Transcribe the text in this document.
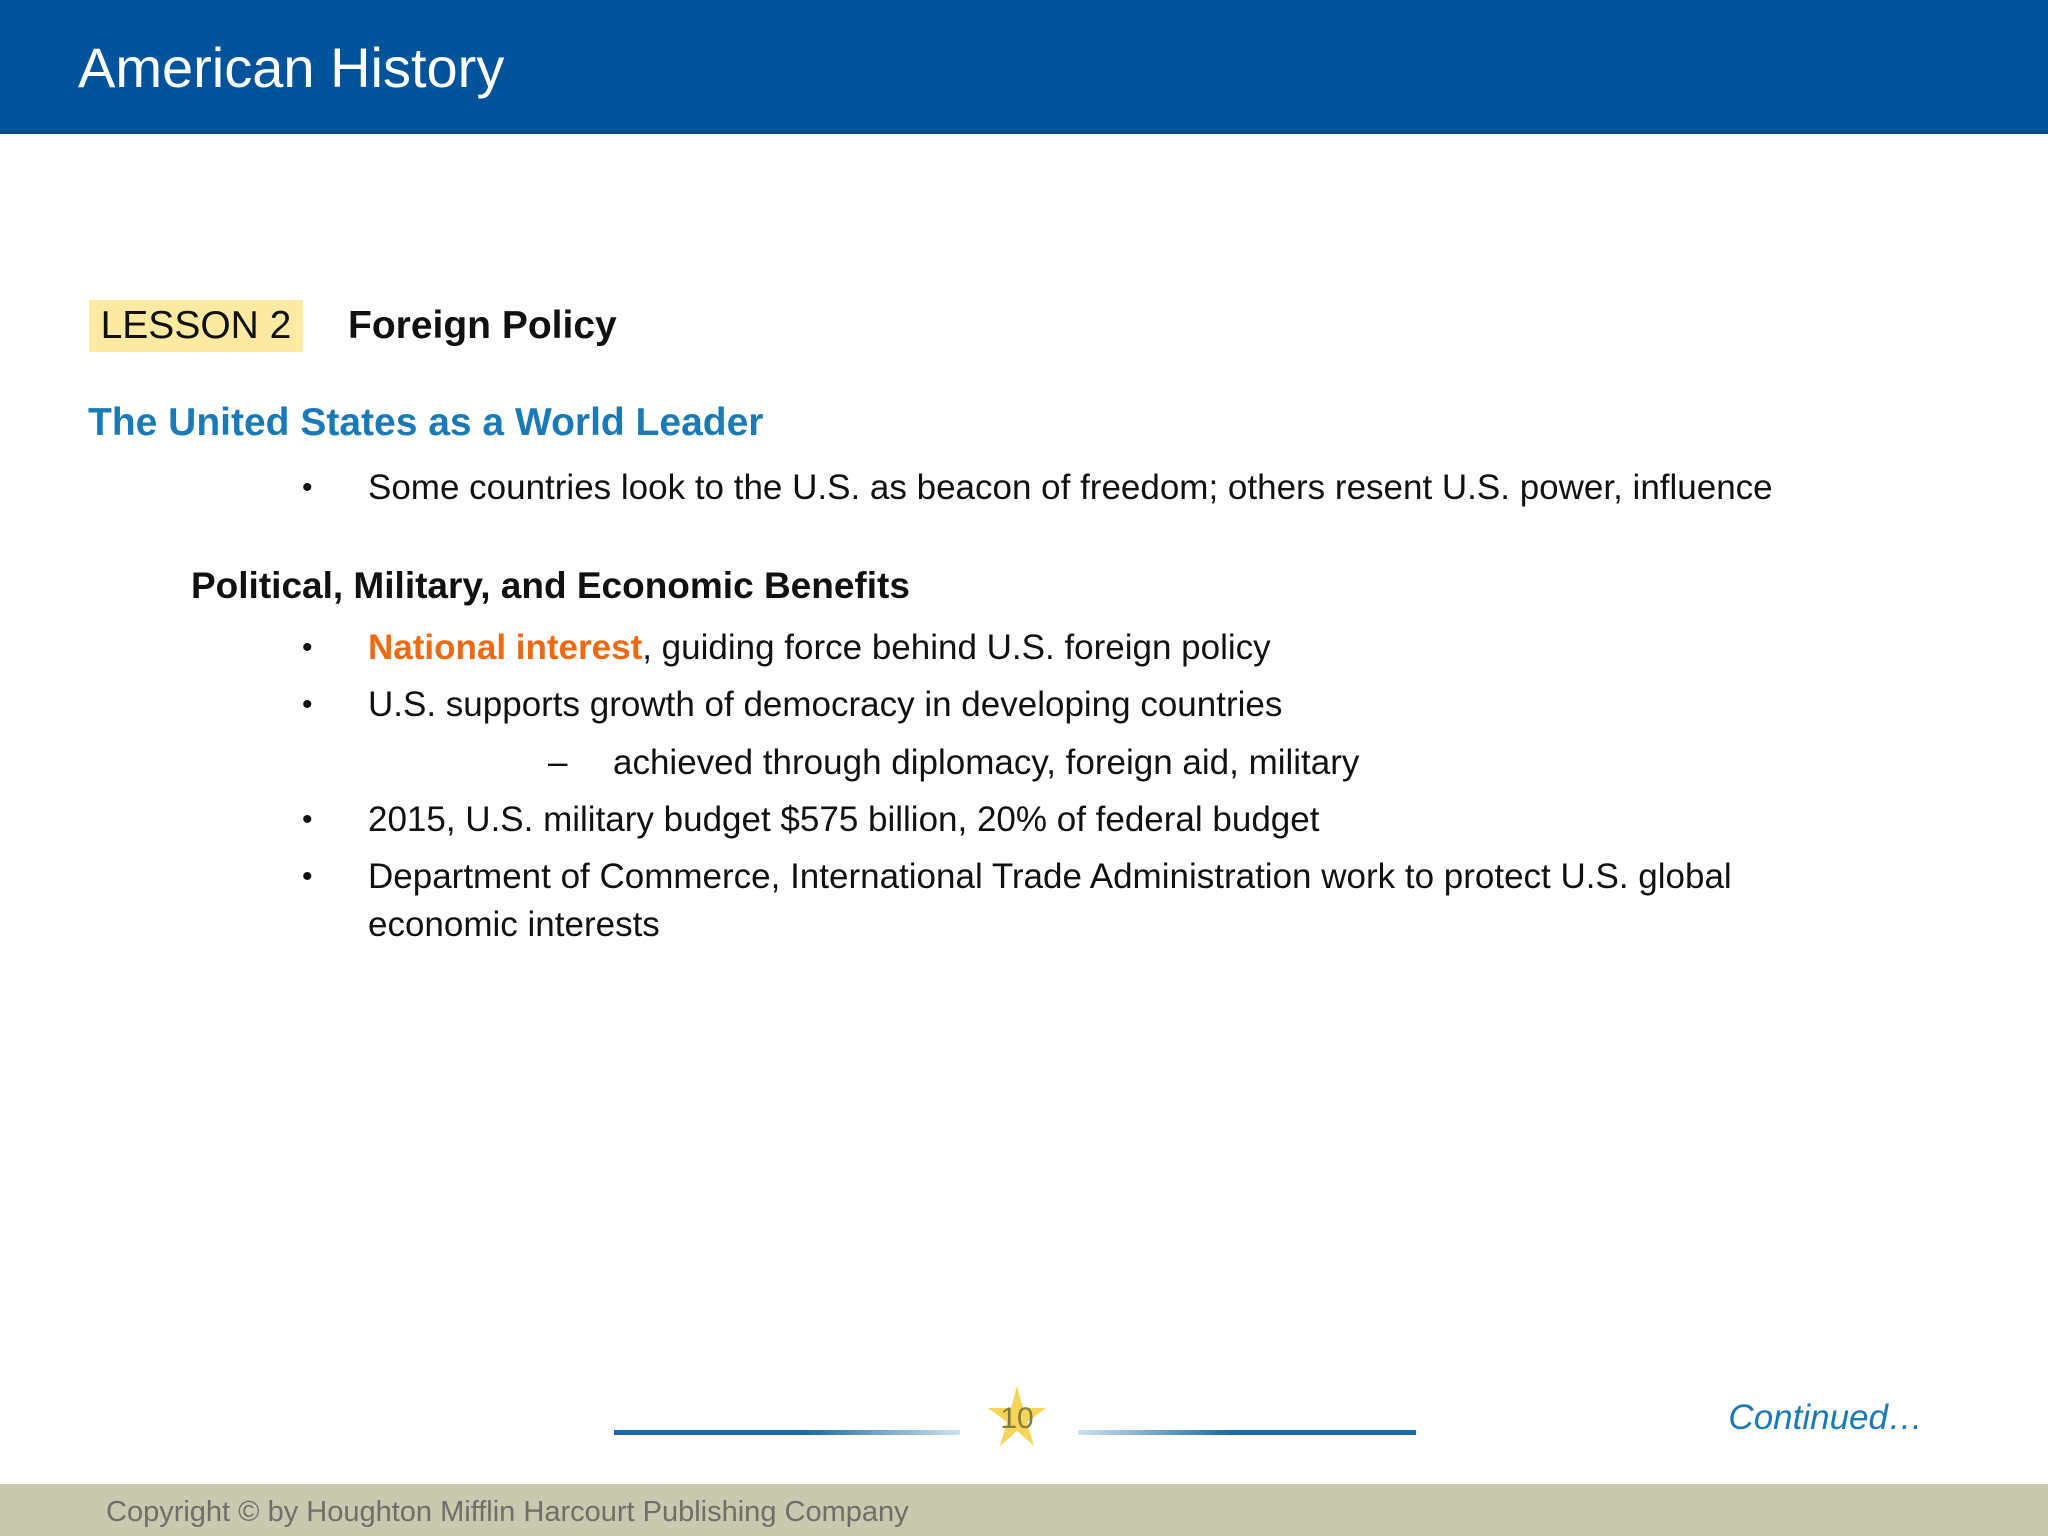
American History
LESSON 2 Foreign Policy
The United States as a World Leader
• Some countries look to the U.S. as beacon of freedom; others resent U.S. power, influence
Political, Military, and Economic Benefits
• National interest, guiding force behind U.S. foreign policy
• U.S. supports growth of democracy in developing countries
– achieved through diplomacy, foreign aid, military
• 2015, U.S. military budget $575 billion, 20% of federal budget
• Department of Commerce, International Trade Administration work to protect U.S. global economic interests
10	Continued…
Copyright © by Houghton Mifflin Harcourt Publishing Company
